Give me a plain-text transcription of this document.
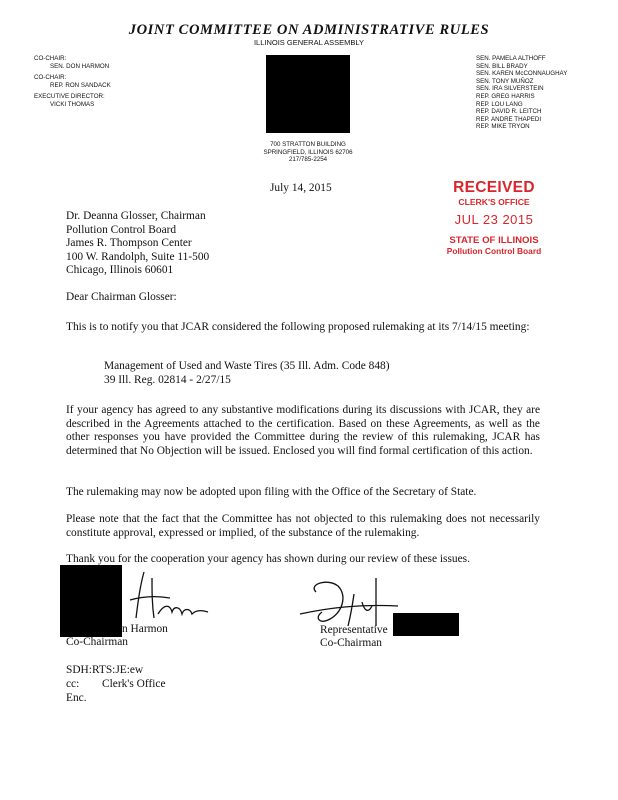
JOINT COMMITTEE ON ADMINISTRATIVE RULES
ILLINOIS GENERAL ASSEMBLY
CO-CHAIR:
SEN. DON HARMON
CO-CHAIR:
REP. RON SANDACK
EXECUTIVE DIRECTOR:
VICKI THOMAS
700 STRATTON BUILDING
SPRINGFIELD, ILLINOIS 62706
217/785-2254
SEN. PAMELA ALTHOFF
SEN. BILL BRADY
SEN. KAREN McCONNAUGHAY
SEN. TONY MUÑOZ
SEN. IRA SILVERSTEIN
REP. GREG HARRIS
REP. LOU LANG
REP. DAVID R. LEITCH
REP. ANDRE THAPEDI
REP. MIKE TRYON
RECEIVED
CLERK'S OFFICE
JUL 23 2015
STATE OF ILLINOIS
Pollution Control Board
July 14, 2015
Dr. Deanna Glosser, Chairman
Pollution Control Board
James R. Thompson Center
100 W. Randolph, Suite 11-500
Chicago, Illinois 60601
Dear Chairman Glosser:
This is to notify you that JCAR considered the following proposed rulemaking at its 7/14/15 meeting:
Management of Used and Waste Tires (35 Ill. Adm. Code 848)
39 Ill. Reg. 02814 - 2/27/15
If your agency has agreed to any substantive modifications during its discussions with JCAR, they are described in the Agreements attached to the certification. Based on these Agreements, as well as the other responses you have provided the Committee during the review of this rulemaking, JCAR has determined that No Objection will be issued. Enclosed you will find formal certification of this action.
The rulemaking may now be adopted upon filing with the Office of the Secretary of State.
Please note that the fact that the Committee has not objected to this rulemaking does not necessarily constitute approval, expressed or implied, of the substance of the rulemaking.
Thank you for the cooperation your agency has shown during our review of these issues.
n Harmon
Co-Chairman
Representative
Co-Chairman
SDH:RTS:JE:ew
cc: Clerk's Office
Enc.
